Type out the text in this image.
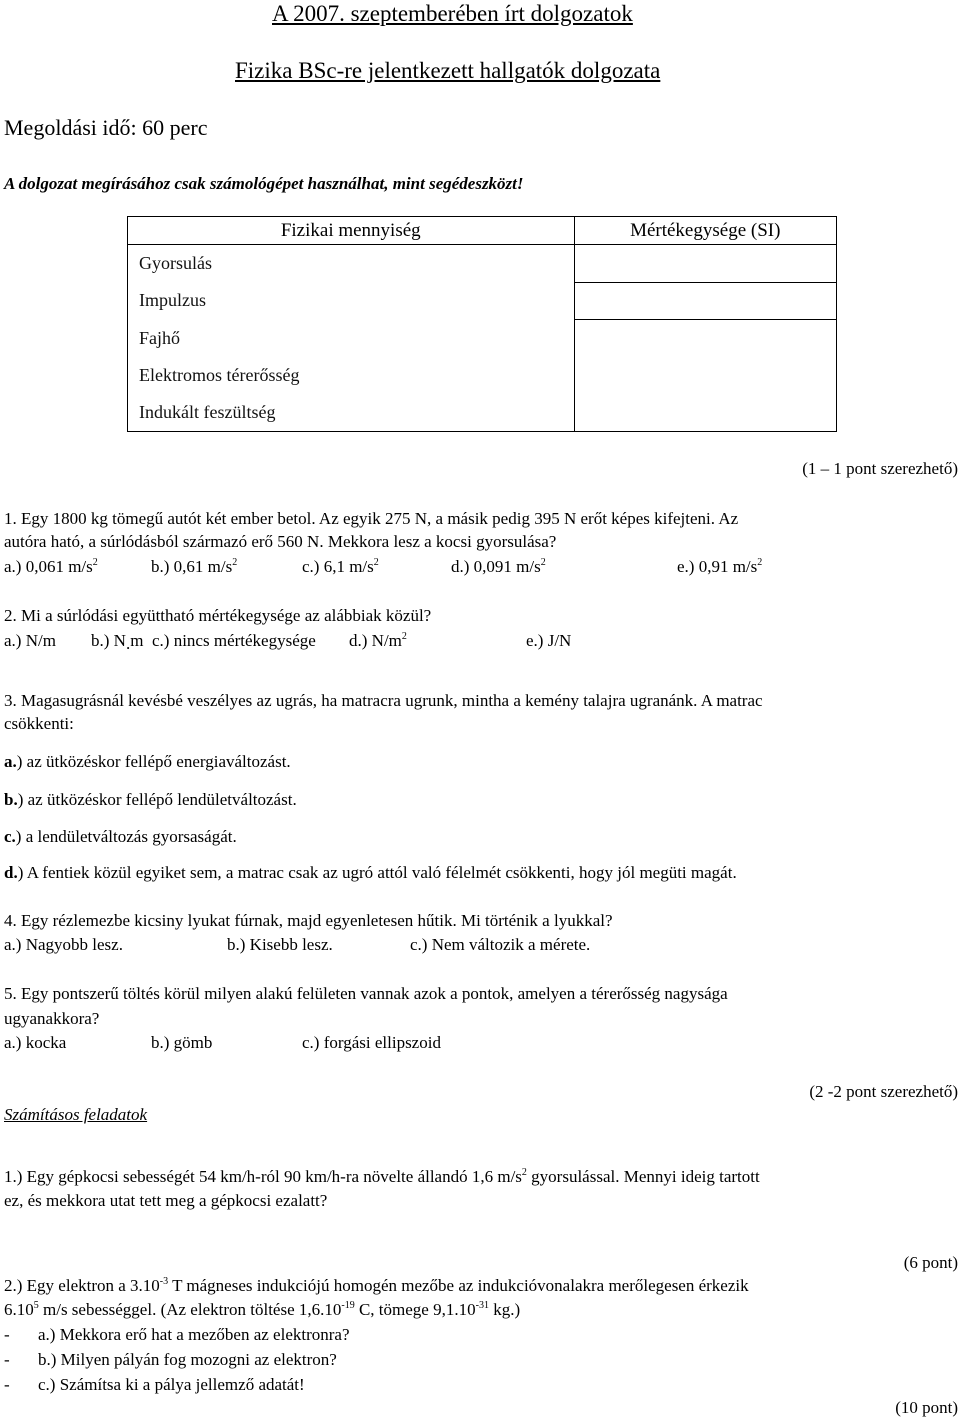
A 2007. szeptemberében írt dolgozatok
Fizika BSc-re jelentkezett hallgatók dolgozata
Megoldási idő: 60 perc
A dolgozat megírásához csak számológépet használhat, mint segédeszközt!
Fizikai mennyiség	Mértékegysége (SI)
Gyorsulás	
Impulzus	
Fajhő	
Elektromos térerősség	
Indukált feszültség	
(1 – 1 pont szerezhető)
1. Egy 1800 kg tömegű autót két ember betol. Az egyik 275 N, a másik pedig 395 N erőt képes kifejteni. Az
autóra ható, a súrlódásból származó erő 560 N. Mekkora lesz a kocsi gyorsulása?
a.) 0,061 $m/s^2$	b.) 0,61 $m/s^2$	c.) 6,1 $m/s^2$	d.) 0,091 $m/s^2$	e.) 0,91 $m/s^2$
2. Mi a súrlódási együttható mértékegysége az alábbiak közül?
a.) N/m b.) N.m c.) nincs mértékegysége d.) $N/m^2$	e.) J/N
3. Magasugrásnál kevésbé veszélyes az ugrás, ha matracra ugrunk, mintha a kemény talajra ugranánk. A matrac
csökkenti:
a.) az ütközéskor fellépő energiaváltozást.
b.) az ütközéskor fellépő lendületváltozást.
c.) a lendületváltozás gyorsaságát.
d.) A fentiek közül egyiket sem, a matrac csak az ugró attól való félelmét csökkenti, hogy jól megüti magát.
4. Egy rézlemezbe kicsiny lyukat fúrnak, majd egyenletesen hűtik. Mi történik a lyukkal?
a.) Nagyobb lesz.	b.) Kisebb lesz.	c.) Nem változik a mérete.
5. Egy pontszerű töltés körül milyen alakú felületen vannak azok a pontok, amelyen a térerősség nagysága
ugyanakkora?
a.) kocka	b.) gömb	c.) forgási ellipszoid
(2 -2 pont szerezhető)
Számításos feladatok
1.) Egy gépkocsi sebességét 54 km/h-ról 90 km/h-ra növelte állandó 1,6 $m/s^2$ gyorsulással. Mennyi ideig tartott
ez, és mekkora utat tett meg a gépkocsi ezalatt?
(6 pont)
2.) Egy elektron a $3.10^{-3}$ T mágneses indukciójú homogén mezőbe az indukcióvonalakra merőlegesen érkezik
6.10$^5$ m/s sebességgel. (Az elektron töltése $1,6.10^{-19}$ C, tömege $9,1.10^{-31}$ kg.)
- a.) Mekkora erő hat a mezőben az elektronra?
- b.) Milyen pályán fog mozogni az elektron?
- c.) Számítsa ki a pálya jellemző adatát!
(10 pont)
